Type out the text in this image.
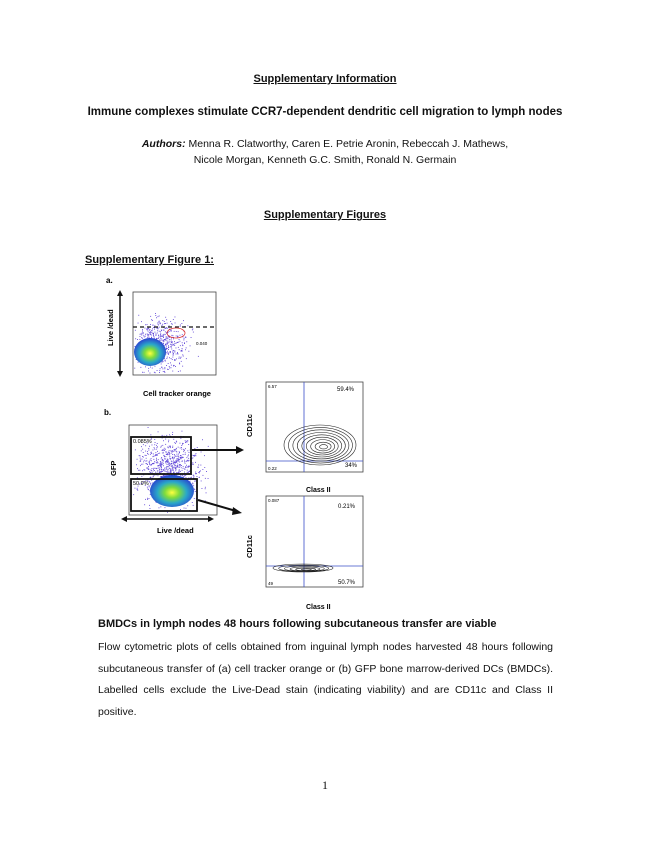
Supplementary Information
Immune complexes stimulate CCR7-dependent dendritic cell migration to lymph nodes
Authors: Menna R. Clatworthy, Caren E. Petrie Aronin, Rebeccah J. Mathews,
Nicole Morgan, Kenneth G.C. Smith, Ronald N. Germain
Supplementary Figures
Supplementary Figure 1:
a.
0.040
Live /dead
Cell tracker orange
b.
0.085%
50.9%
GFP
Live /dead
6.57
59.4%
34%
0.22
CD11c
Class II
0.087
0.21%
50.7%
49
CD11c
Class II
BMDCs in lymph nodes 48 hours following subcutaneous transfer are viable
Flow cytometric plots of cells obtained from inguinal lymph nodes harvested 48 hours following subcutaneous transfer of (a) cell tracker orange or (b) GFP bone marrow-derived DCs (BMDCs). Labelled cells exclude the Live-Dead stain (indicating viability) and are CD11c and Class II positive.
1
